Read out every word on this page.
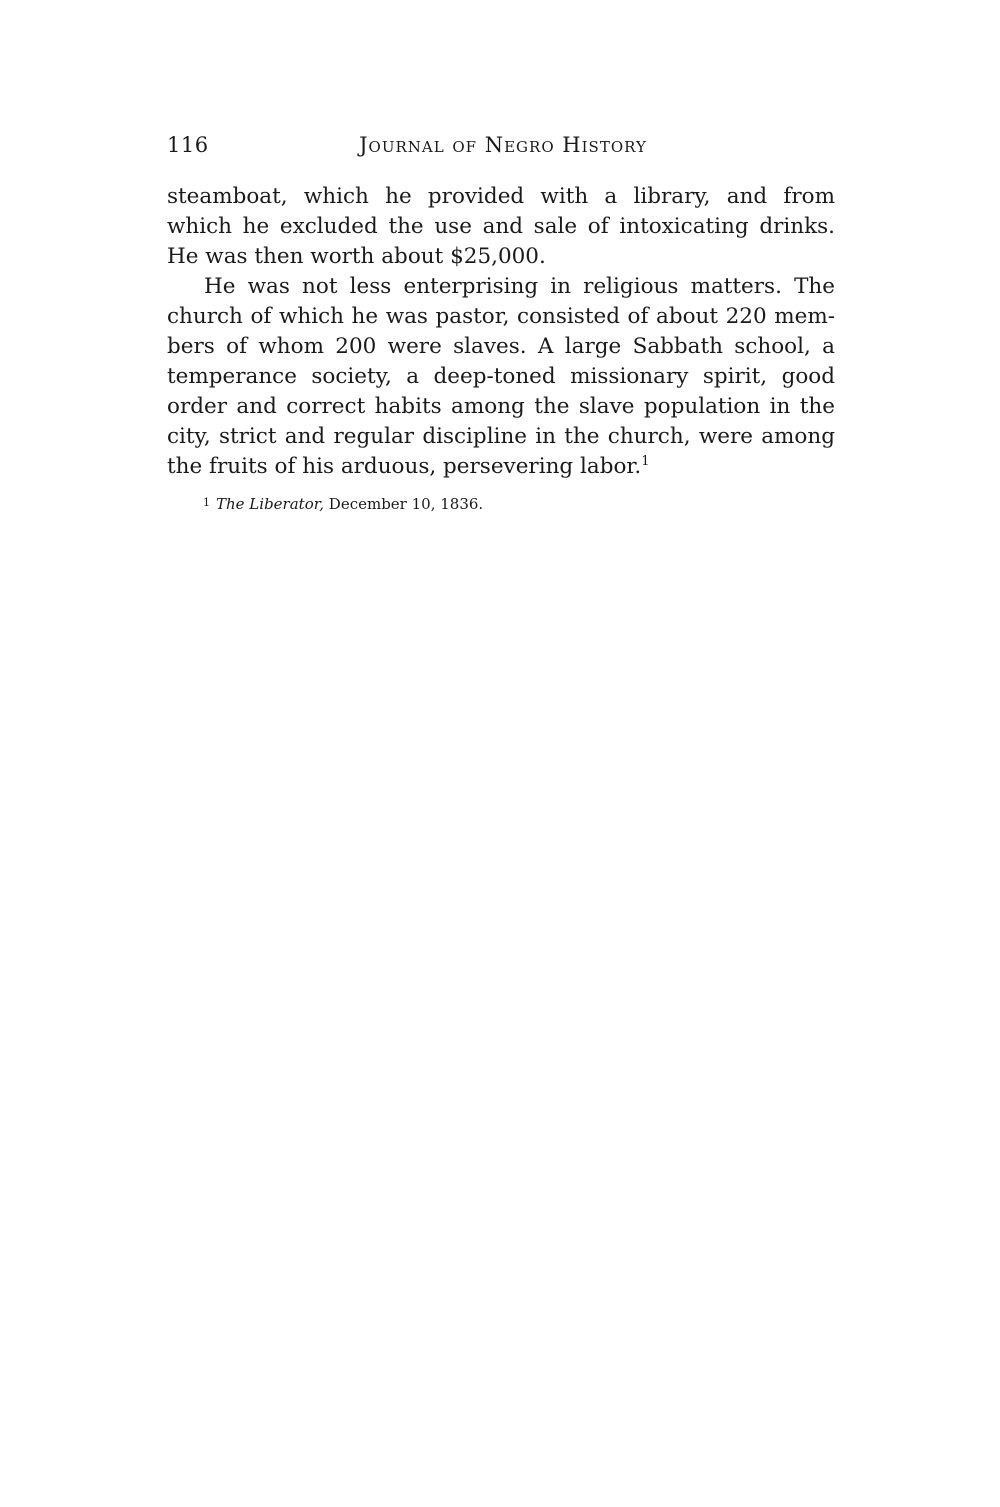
116	Journal of Negro History
steamboat, which he provided with a library, and from
which he excluded the use and sale of intoxicating drinks.
He was then worth about $25,000.
He was not less enterprising in religious matters. The
church of which he was pastor, consisted of about 220 mem-
bers of whom 200 were slaves. A large Sabbath school, a
temperance society, a deep-toned missionary spirit, good
order and correct habits among the slave population in the
city, strict and regular discipline in the church, were among
the fruits of his arduous, persevering labor.$^1$
$^1$ The Liberator, December 10, 1836.
